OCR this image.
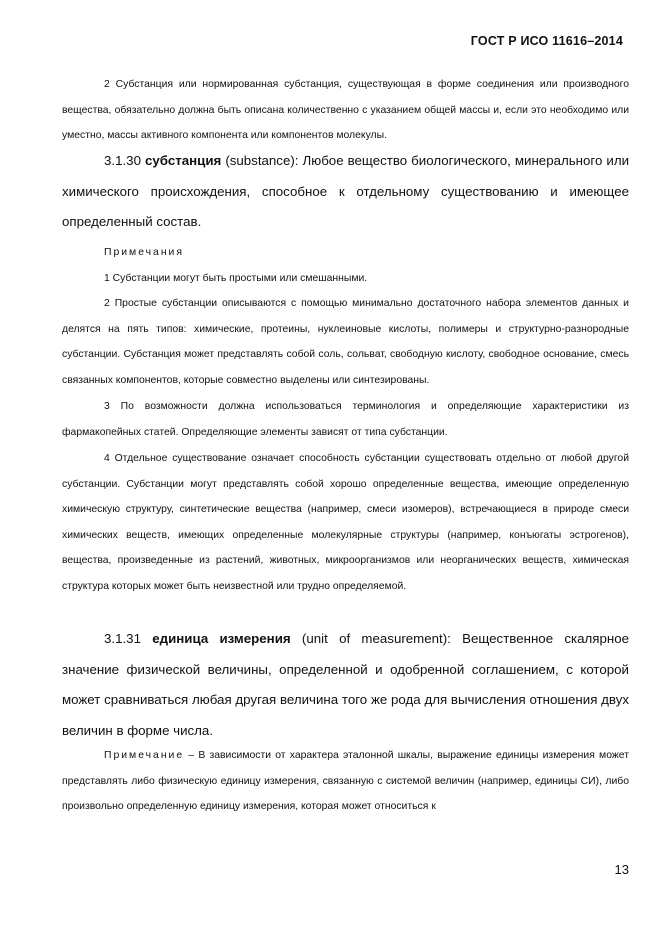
ГОСТ Р ИСО 11616–2014

2 Субстанция или нормированная субстанция, существующая в форме соединения или производного вещества, обязательно должна быть описана количественно с указанием общей массы и, если это необходимо или уместно, массы активного компонента или компонентов молекулы.

3.1.30 субстанция (substance): Любое вещество биологического, минерального или химического происхождения, способное к отдельному существованию и имеющее определенный состав.

Примечания

1 Субстанции могут быть простыми или смешанными.

2 Простые субстанции описываются с помощью минимально достаточного набора элементов данных и делятся на пять типов: химические, протеины, нуклеиновые кислоты, полимеры и структурно-разнородные субстанции. Субстанция может представлять собой соль, сольват, свободную кислоту, свободное основание, смесь связанных компонентов, которые совместно выделены или синтезированы.

3 По возможности должна использоваться терминология и определяющие характеристики из фармакопейных статей. Определяющие элементы зависят от типа субстанции.

4 Отдельное существование означает способность субстанции существовать отдельно от любой другой субстанции. Субстанции могут представлять собой хорошо определенные вещества, имеющие определенную химическую структуру, синтетические вещества (например, смеси изомеров), встречающиеся в природе смеси химических веществ, имеющих определенные молекулярные структуры (например, конъюгаты эстрогенов), вещества, произведенные из растений, животных, микроорганизмов или неорганических веществ, химическая структура которых может быть неизвестной или трудно определяемой.

3.1.31 единица измерения (unit of measurement): Вещественное скалярное значение физической величины, определенной и одобренной соглашением, с которой может сравниваться любая другая величина того же рода для вычисления отношения двух величин в форме числа.

Примечание – В зависимости от характера эталонной шкалы, выражение единицы измерения может представлять либо физическую единицу измерения, связанную с системой величин (например, единицы СИ), либо произвольно определенную единицу измерения, которая может относиться к

13
